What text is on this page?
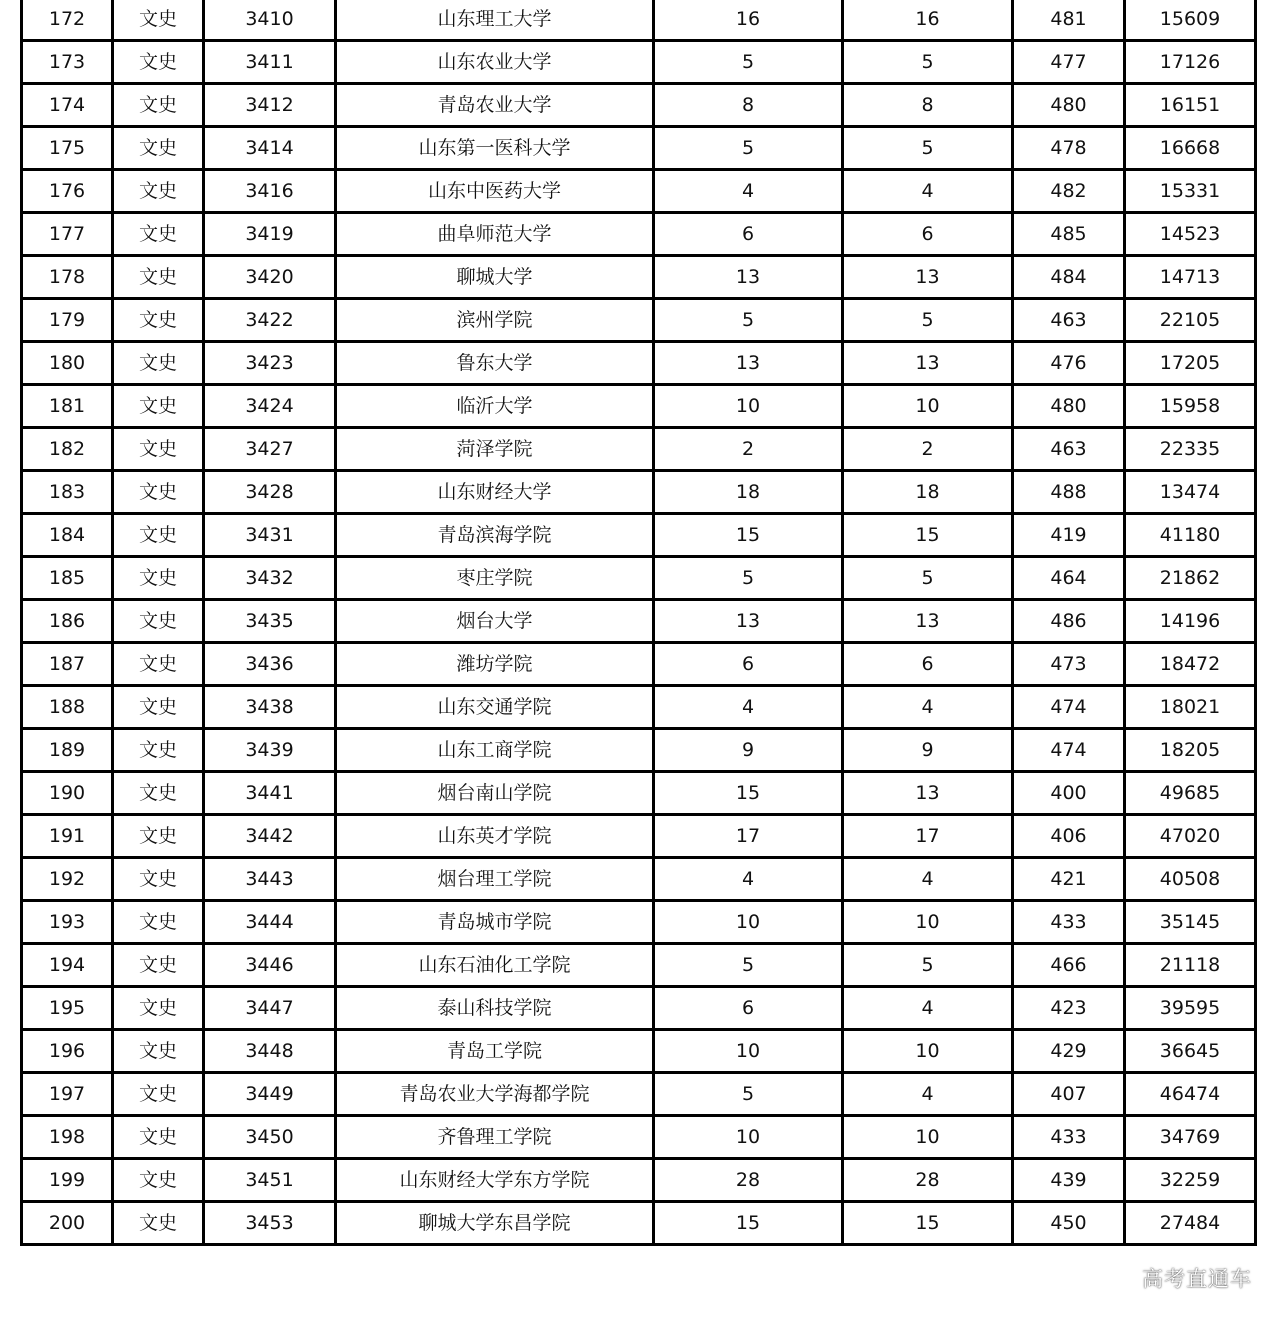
172	文史	3410	山东理工大学	16	16	481	15609
173	文史	3411	山东农业大学	5	5	477	17126
174	文史	3412	青岛农业大学	8	8	480	16151
175	文史	3414	山东第一医科大学	5	5	478	16668
176	文史	3416	山东中医药大学	4	4	482	15331
177	文史	3419	曲阜师范大学	6	6	485	14523
178	文史	3420	聊城大学	13	13	484	14713
179	文史	3422	滨州学院	5	5	463	22105
180	文史	3423	鲁东大学	13	13	476	17205
181	文史	3424	临沂大学	10	10	480	15958
182	文史	3427	菏泽学院	2	2	463	22335
183	文史	3428	山东财经大学	18	18	488	13474
184	文史	3431	青岛滨海学院	15	15	419	41180
185	文史	3432	枣庄学院	5	5	464	21862
186	文史	3435	烟台大学	13	13	486	14196
187	文史	3436	潍坊学院	6	6	473	18472
188	文史	3438	山东交通学院	4	4	474	18021
189	文史	3439	山东工商学院	9	9	474	18205
190	文史	3441	烟台南山学院	15	13	400	49685
191	文史	3442	山东英才学院	17	17	406	47020
192	文史	3443	烟台理工学院	4	4	421	40508
193	文史	3444	青岛城市学院	10	10	433	35145
194	文史	3446	山东石油化工学院	5	5	466	21118
195	文史	3447	泰山科技学院	6	4	423	39595
196	文史	3448	青岛工学院	10	10	429	36645
197	文史	3449	青岛农业大学海都学院	5	4	407	46474
198	文史	3450	齐鲁理工学院	10	10	433	34769
199	文史	3451	山东财经大学东方学院	28	28	439	32259
200	文史	3453	聊城大学东昌学院	15	15	450	27484
高考直通车
